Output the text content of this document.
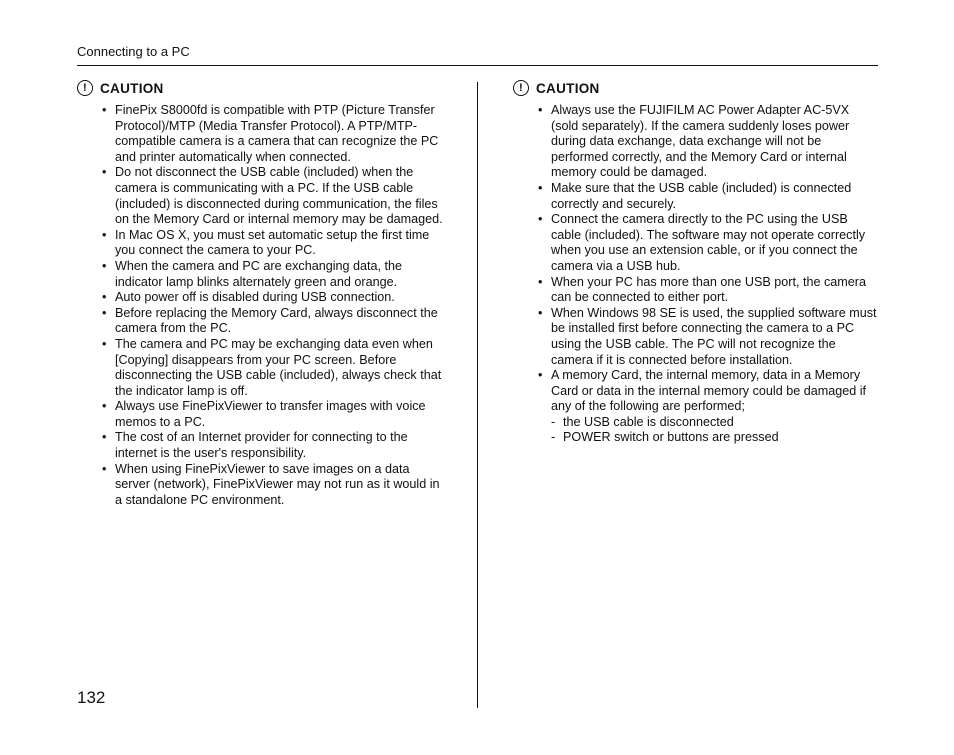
Connecting to a PC
! CAUTION
• FinePix S8000fd is compatible with PTP (Picture Transfer Protocol)/MTP (Media Transfer Protocol). A PTP/MTP-compatible camera is a camera that can recognize the PC and printer automatically when connected.
• Do not disconnect the USB cable (included) when the camera is communicating with a PC. If the USB cable (included) is disconnected during communication, the files on the Memory Card or internal memory may be damaged.
• In Mac OS X, you must set automatic setup the first time you connect the camera to your PC.
• When the camera and PC are exchanging data, the indicator lamp blinks alternately green and orange.
• Auto power off is disabled during USB connection.
• Before replacing the Memory Card, always disconnect the camera from the PC.
• The camera and PC may be exchanging data even when [Copying] disappears from your PC screen. Before disconnecting the USB cable (included), always check that the indicator lamp is off.
• Always use FinePixViewer to transfer images with voice memos to a PC.
• The cost of an Internet provider for connecting to the internet is the user's responsibility.
• When using FinePixViewer to save images on a data server (network), FinePixViewer may not run as it would in a standalone PC environment.
! CAUTION
• Always use the FUJIFILM AC Power Adapter AC-5VX (sold separately). If the camera suddenly loses power during data exchange, data exchange will not be performed correctly, and the Memory Card or internal memory could be damaged.
• Make sure that the USB cable (included) is connected correctly and securely.
• Connect the camera directly to the PC using the USB cable (included). The software may not operate correctly when you use an extension cable, or if you connect the camera via a USB hub.
• When your PC has more than one USB port, the camera can be connected to either port.
• When Windows 98 SE is used, the supplied software must be installed first before connecting the camera to a PC using the USB cable. The PC will not recognize the camera if it is connected before installation.
• A memory Card, the internal memory, data in a Memory Card or data in the internal memory could be damaged if any of the following are performed;
- the USB cable is disconnected
- POWER switch or buttons are pressed
132
